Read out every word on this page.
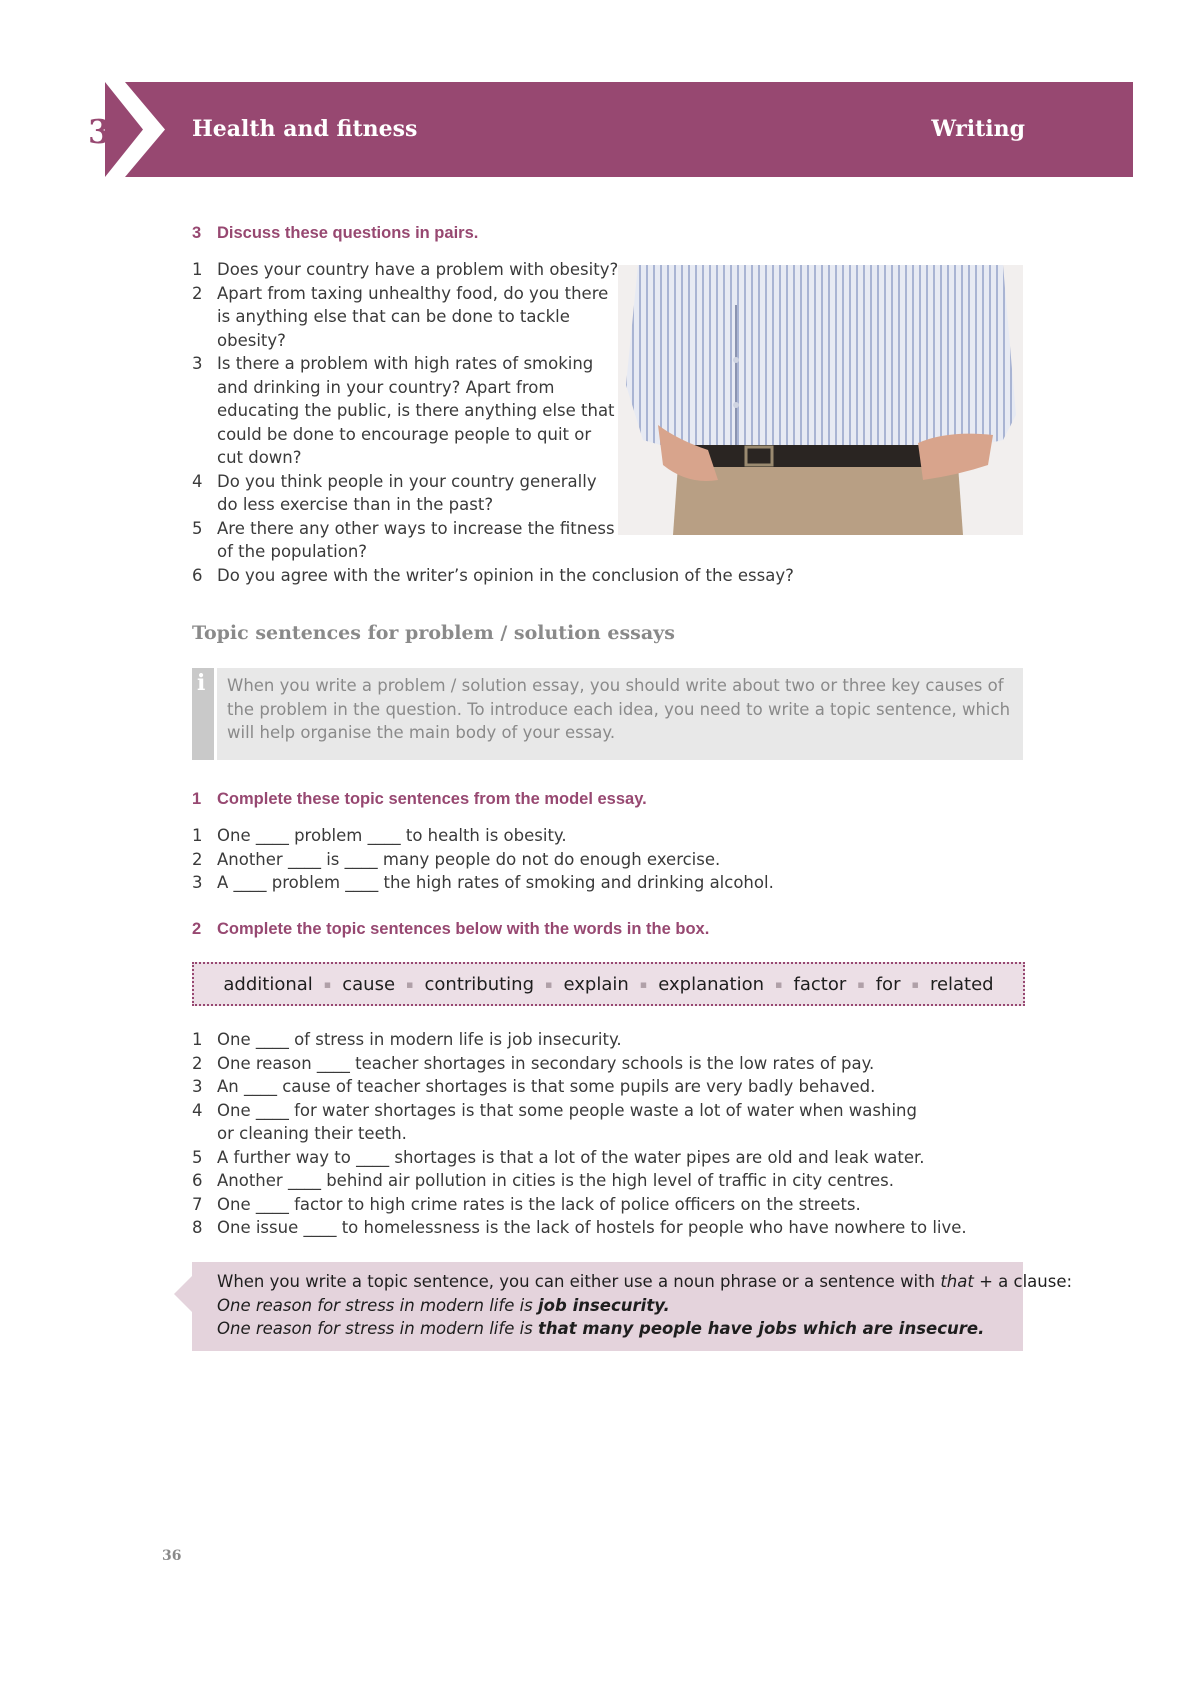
3	Health and fitness	Writing
3 Discuss these questions in pairs.
1 Does your country have a problem with obesity?
2 Apart from taxing unhealthy food, do you there is anything else that can be done to tackle obesity?
3 Is there a problem with high rates of smoking and drinking in your country? Apart from educating the public, is there anything else that could be done to encourage people to quit or cut down?
4 Do you think people in your country generally do less exercise than in the past?
5 Are there any other ways to increase the fitness of the population?
6 Do you agree with the writer’s opinion in the conclusion of the essay?
Topic sentences for problem / solution essays
i When you write a problem / solution essay, you should write about two or three key causes of the problem in the question. To introduce each idea, you need to write a topic sentence, which will help organise the main body of your essay.
1 Complete these topic sentences from the model essay.
1 One ____ problem ____ to health is obesity.
2 Another ____ is ____ many people do not do enough exercise.
3 A ____ problem ____ the high rates of smoking and drinking alcohol.
2 Complete the topic sentences below with the words in the box.
additional ▪ cause ▪ contributing ▪ explain ▪ explanation ▪ factor ▪ for ▪ related
1 One ____ of stress in modern life is job insecurity.
2 One reason ____ teacher shortages in secondary schools is the low rates of pay.
3 An ____ cause of teacher shortages is that some pupils are very badly behaved.
4 One ____ for water shortages is that some people waste a lot of water when washing or cleaning their teeth.
5 A further way to ____ shortages is that a lot of the water pipes are old and leak water.
6 Another ____ behind air pollution in cities is the high level of traffic in city centres.
7 One ____ factor to high crime rates is the lack of police officers on the streets.
8 One issue ____ to homelessness is the lack of hostels for people who have nowhere to live.
When you write a topic sentence, you can either use a noun phrase or a sentence with that + a clause:
One reason for stress in modern life is job insecurity.
One reason for stress in modern life is that many people have jobs which are insecure.
36
